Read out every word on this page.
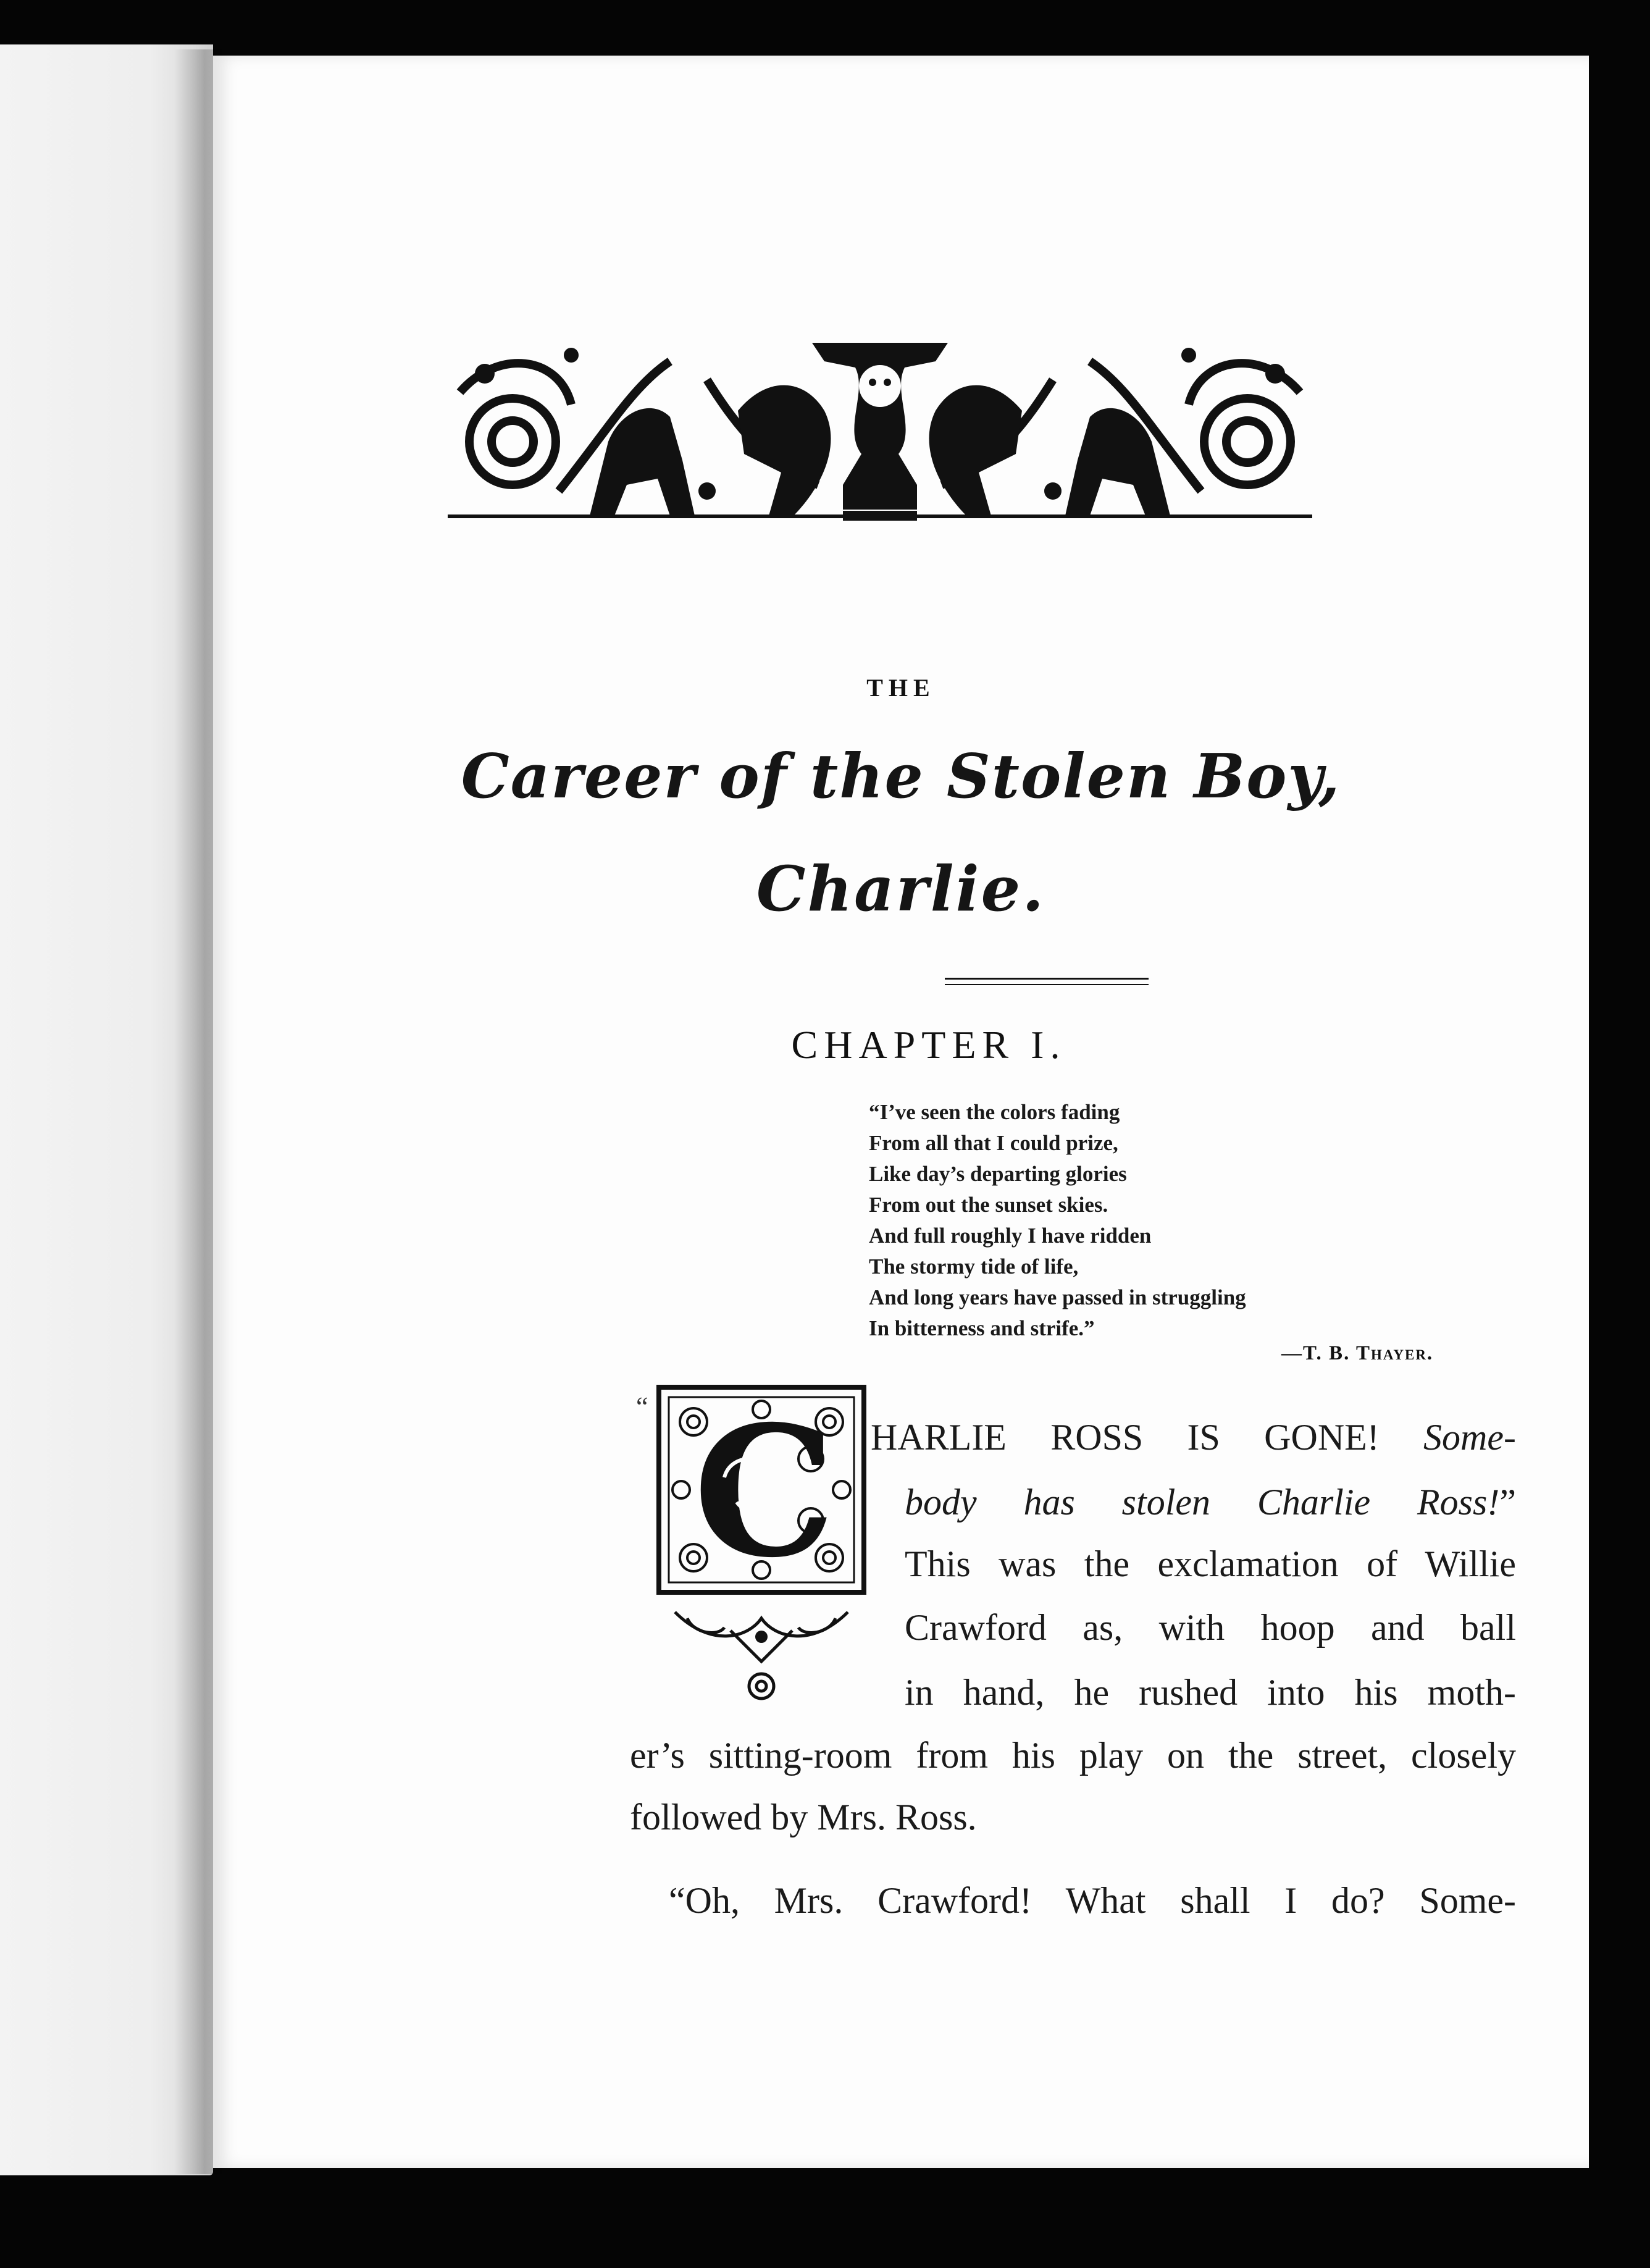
THE
Career of the Stolen Boy,
Charlie.
CHAPTER I.
“I’ve seen the colors fading
From all that I could prize,
Like day’s departing glories
From out the sunset skies.
And full roughly I have ridden
The stormy tide of life,
And long years have passed in struggling
In bitterness and strife.”
—T. B. Thayer.
“ C HARLIE ROSS IS GONE! Some-
body has stolen Charlie Ross!”
This was the exclamation of Willie
Crawford as, with hoop and ball
in hand, he rushed into his moth-
er’s sitting-room from his play on the street, closely
followed by Mrs. Ross.
“Oh, Mrs. Crawford! What shall I do? Some-
